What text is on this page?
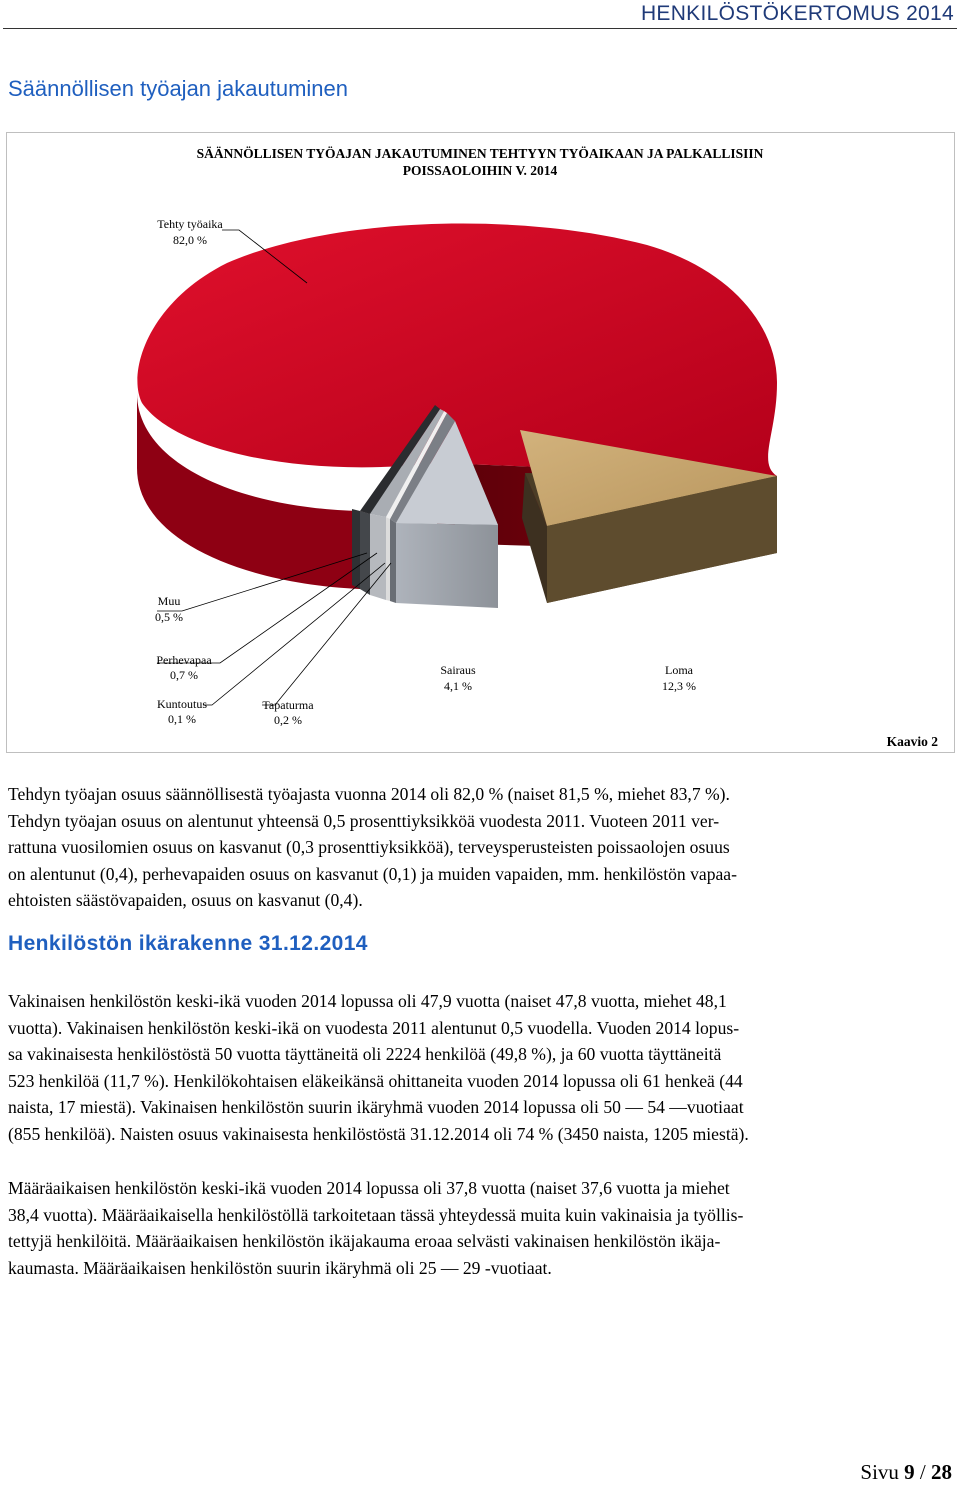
HENKILÖSTÖKERTOMUS 2014
Säännöllisen työajan jakautuminen
SÄÄNNÖLLISEN TYÖAJAN JAKAUTUMINEN TEHTYYN TYÖAIKAAN JA PALKALLISIIN
POISSAOLOIHIN V. 2014
Tehty työaika
82,0 %
Muu
0,5 %
Perhevapaa
0,7 %
Kuntoutus
0,1 %
Tapaturma
0,2 %
Sairaus
4,1 %
Loma
12,3 %
Kaavio 2

Tehdyn työajan osuus säännöllisestä työajasta vuonna 2014 oli 82,0 % (naiset 81,5 %, miehet 83,7 %).
Tehdyn työajan osuus on alentunut yhteensä 0,5 prosenttiyksikköä vuodesta 2011. Vuoteen 2011 ver-
rattuna vuosilomien osuus on kasvanut (0,3 prosenttiyksikköä), terveysperusteisten poissaolojen osuus
on alentunut (0,4), perhevapaiden osuus on kasvanut (0,1) ja muiden vapaiden, mm. henkilöstön vapaa-
ehtoisten säästövapaiden, osuus on kasvanut (0,4).

Henkilöstön ikärakenne 31.12.2014

Vakinaisen henkilöstön keski-ikä vuoden 2014 lopussa oli 47,9 vuotta (naiset 47,8 vuotta, miehet 48,1
vuotta). Vakinaisen henkilöstön keski-ikä on vuodesta 2011 alentunut 0,5 vuodella. Vuoden 2014 lopus-
sa vakinaisesta henkilöstöstä 50 vuotta täyttäneitä oli 2224 henkilöä (49,8 %), ja 60 vuotta täyttäneitä
523 henkilöä (11,7 %). Henkilökohtaisen eläkeikänsä ohittaneita vuoden 2014 lopussa oli 61 henkeä (44
naista, 17 miestä). Vakinaisen henkilöstön suurin ikäryhmä vuoden 2014 lopussa oli 50 — 54 —vuotiaat
(855 henkilöä). Naisten osuus vakinaisesta henkilöstöstä 31.12.2014 oli 74 % (3450 naista, 1205 miestä).

Määräaikaisen henkilöstön keski-ikä vuoden 2014 lopussa oli 37,8 vuotta (naiset 37,6 vuotta ja miehet
38,4 vuotta). Määräaikaisella henkilöstöllä tarkoitetaan tässä yhteydessä muita kuin vakinaisia ja työllis-
tettyjä henkilöitä. Määräaikaisen henkilöstön ikäjakauma eroaa selvästi vakinaisen henkilöstön ikäja-
kaumasta. Määräaikaisen henkilöstön suurin ikäryhmä oli 25 — 29 -vuotiaat.

Sivu 9 / 28
